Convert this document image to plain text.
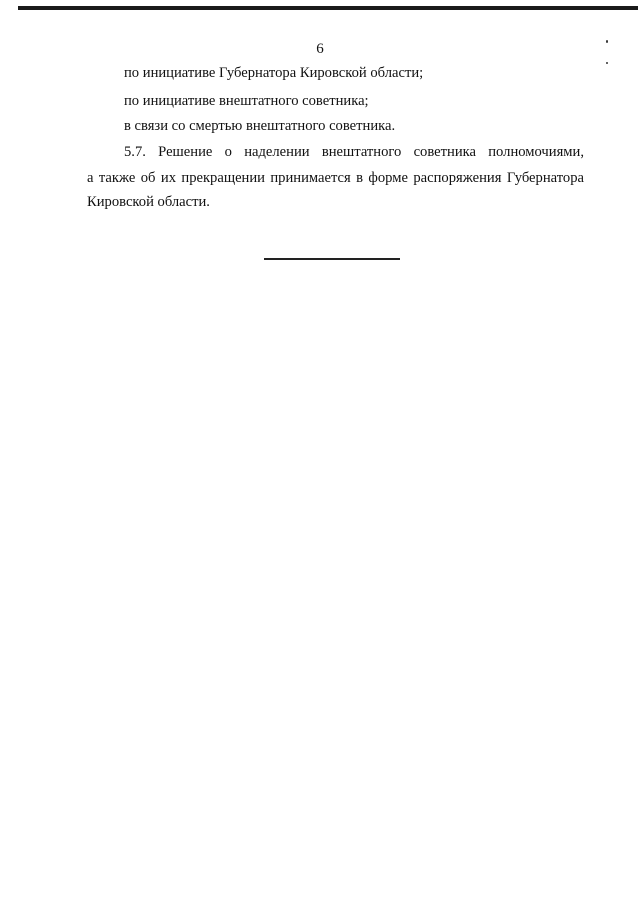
6
по инициативе Губернатора Кировской области;
по инициативе внештатного советника;
в связи со смертью внештатного советника.
5.7. Решение о наделении внештатного советника полномочиями,
а также об их прекращении принимается в форме распоряжения Губернатора
Кировской области.
